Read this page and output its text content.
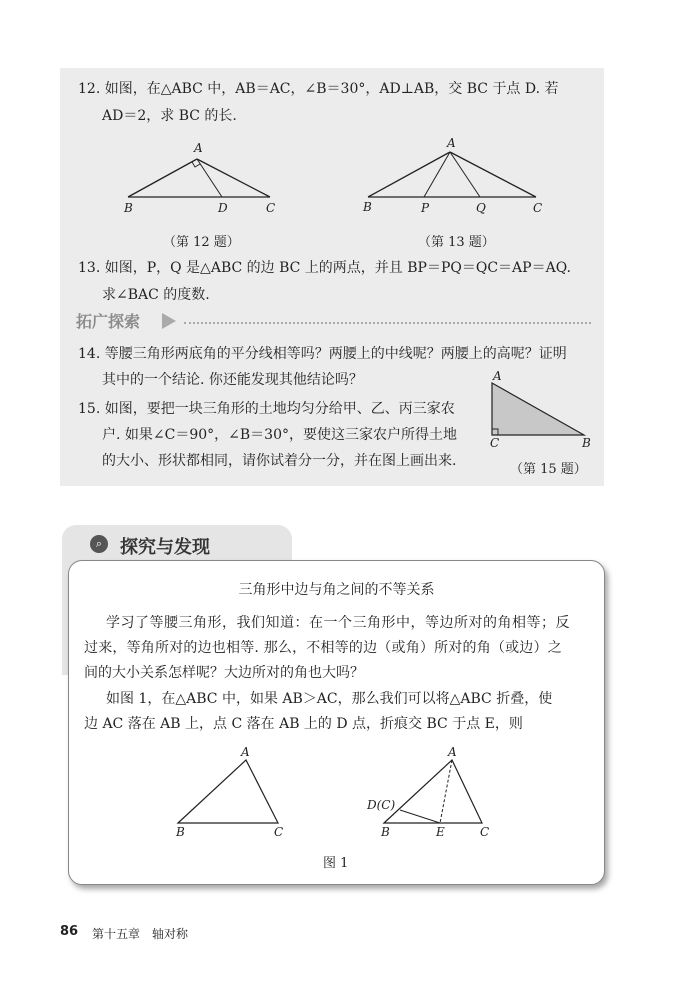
12. 如图，在△ABC 中，AB＝AC，∠B＝30°，AD⊥AB，交 BC 于点 D. 若
AD＝2，求 BC 的长.
A
B	D	C
（第 12 题）
A
B	P	Q	C
（第 13 题）
13. 如图，P，Q 是△ABC 的边 BC 上的两点，并且 BP＝PQ＝QC＝AP＝AQ.
求∠BAC 的度数.
拓广探索
14. 等腰三角形两底角的平分线相等吗？两腰上的中线呢？两腰上的高呢？证明
其中的一个结论. 你还能发现其他结论吗？
15. 如图，要把一块三角形的土地均匀分给甲、乙、丙三家农
户. 如果∠C＝90°，∠B＝30°，要使这三家农户所得土地
的大小、形状都相同，请你试着分一分，并在图上画出来.
A
C	B
（第 15 题）
⌕ 探究与发现
三角形中边与角之间的不等关系
学习了等腰三角形，我们知道：在一个三角形中，等边所对的角相等；反
过来，等角所对的边也相等. 那么，不相等的边（或角）所对的角（或边）之
间的大小关系怎样呢？大边所对的角也大吗？
如图 1，在△ABC 中，如果 AB＞AC，那么我们可以将△ABC 折叠，使
边 AC 落在 AB 上，点 C 落在 AB 上的 D 点，折痕交 BC 于点 E，则
A
B	C
A
D(C)
B	E	C
图 1
86 第十五章　轴对称
